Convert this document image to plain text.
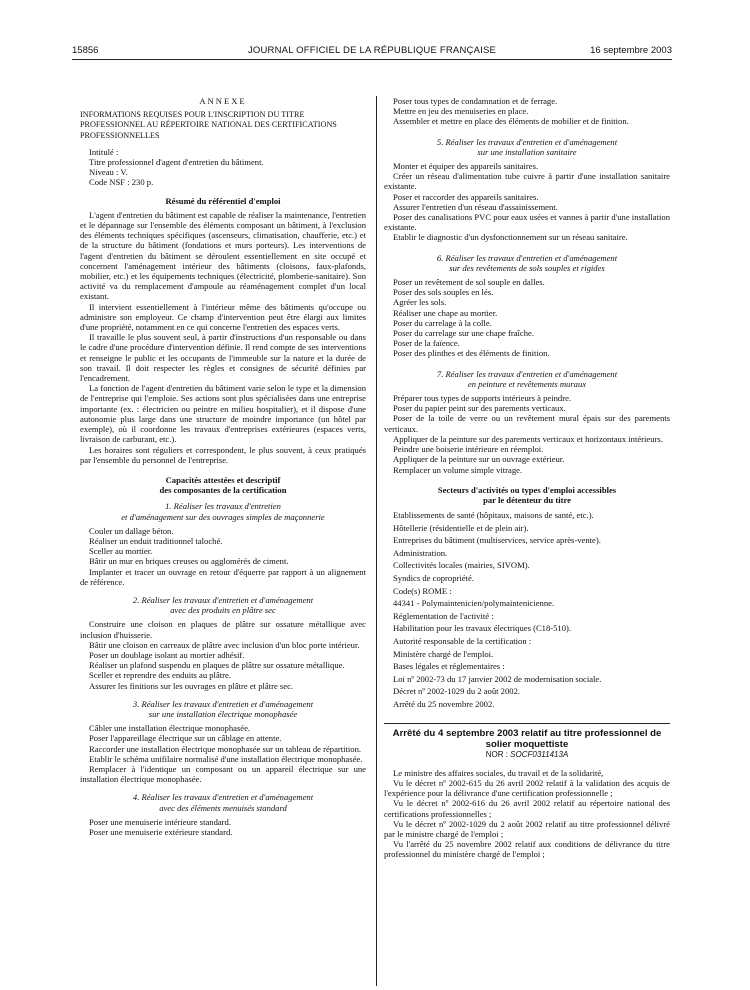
15856	JOURNAL OFFICIEL DE LA RÉPUBLIQUE FRANÇAISE	16 septembre 2003

ANNEXE

INFORMATIONS REQUISES POUR L'INSCRIPTION DU TITRE PROFESSIONNEL AU RÉPERTOIRE NATIONAL DES CERTIFICATIONS PROFESSIONNELLES

Intitulé :

Titre professionnel d'agent d'entretien du bâtiment.

Niveau : V.

Code NSF : 230 p.

Résumé du référentiel d'emploi

L'agent d'entretien du bâtiment est capable de réaliser la maintenance, l'entretien et le dépannage sur l'ensemble des éléments composant un bâtiment, à l'exclusion des éléments techniques spécifiques (ascenseurs, climatisation, chaufferie, etc.) et de la structure du bâtiment (fondations et murs porteurs). Les interventions de l'agent d'entretien du bâtiment se déroulent essentiellement en site occupé et concernent l'aménagement intérieur des bâtiments (cloisons, faux-plafonds, mobilier, etc.) et les équipements techniques (électricité, plomberie-sanitaire). Son activité va du remplacement d'ampoule au réaménagement complet d'un local existant.

Il intervient essentiellement à l'intérieur même des bâtiments qu'occupe ou administre son employeur. Ce champ d'intervention peut être élargi aux limites d'une propriété, notamment en ce qui concerne l'entretien des espaces verts.

Il travaille le plus souvent seul, à partir d'instructions d'un responsable ou dans le cadre d'une procédure d'intervention définie. Il rend compte de ses interventions et renseigne le public et les occupants de l'immeuble sur la nature et la durée de son travail. Il doit respecter les règles et consignes de sécurité définies par l'encadrement.

La fonction de l'agent d'entretien du bâtiment varie selon le type et la dimension de l'entreprise qui l'emploie. Ses actions sont plus spécialisées dans une entreprise importante (ex. : électricien ou peintre en milieu hospitalier), et il dispose d'une autonomie plus large dans une structure de moindre importance (un hôtel par exemple), où il coordonne les travaux d'entreprises extérieures (espaces verts, livraison de carburant, etc.).

Les horaires sont réguliers et correspondent, le plus souvent, à ceux pratiqués par l'ensemble du personnel de l'entreprise.

Capacités attestées et descriptif

des composantes de la certification

1. Réaliser les travaux d'entretien

et d'aménagement sur des ouvrages simples de maçonnerie

Couler un dallage béton.

Réaliser un enduit traditionnel taloché.

Sceller au mortier.

Bâtir un mur en briques creuses ou agglomérés de ciment.

Implanter et tracer un ouvrage en retour d'équerre par rapport à un alignement de référence.

2. Réaliser les travaux d'entretien et d'aménagement

avec des produits en plâtre sec

Construire une cloison en plaques de plâtre sur ossature métallique avec inclusion d'huisserie.

Bâtir une cloison en carreaux de plâtre avec inclusion d'un bloc porte intérieur.

Poser un doublage isolant au mortier adhésif.

Réaliser un plafond suspendu en plaques de plâtre sur ossature métallique.

Sceller et reprendre des enduits au plâtre.

Assurer les finitions sur les ouvrages en plâtre et plâtre sec.

3. Réaliser les travaux d'entretien et d'aménagement

sur une installation électrique monophasée

Câbler une installation électrique monophasée.

Poser l'appareillage électrique sur un câblage en attente.

Raccorder une installation électrique monophasée sur un tableau de répartition.

Etablir le schéma unifilaire normalisé d'une installation électrique monophasée.

Remplacer à l'identique un composant ou un appareil électrique sur une installation électrique monophasée.

4. Réaliser les travaux d'entretien et d'aménagement

avec des éléments menuisés standard

Poser une menuiserie intérieure standard.

Poser une menuiserie extérieure standard.

Poser tous types de condamnation et de ferrage.

Mettre en jeu des menuiseries en place.

Assembler et mettre en place des éléments de mobilier et de finition.

5. Réaliser les travaux d'entretien et d'aménagement

sur une installation sanitaire

Monter et équiper des appareils sanitaires.

Créer un réseau d'alimentation tube cuivre à partir d'une installation sanitaire existante.

Poser et raccorder des appareils sanitaires.

Assurer l'entretien d'un réseau d'assainissement.

Poser des canalisations PVC pour eaux usées et vannes à partir d'une installation existante.

Etablir le diagnostic d'un dysfonctionnement sur un réseau sanitaire.

6. Réaliser les travaux d'entretien et d'aménagement

sur des revêtements de sols souples et rigides

Poser un revêtement de sol souple en dalles.

Poser des sols souples en lés.

Agréer les sols.

Réaliser une chape au mortier.

Poser du carrelage à la colle.

Poser du carrelage sur une chape fraîche.

Poser de la faïence.

Poser des plinthes et des éléments de finition.

7. Réaliser les travaux d'entretien et d'aménagement

en peinture et revêtements muraux

Préparer tous types de supports intérieurs à peindre.

Poser du papier peint sur des parements verticaux.

Poser de la toile de verre ou un revêtement mural épais sur des parements verticaux.

Appliquer de la peinture sur des parements verticaux et horizontaux intérieurs.

Peindre une boiserie intérieure en réemploi.

Appliquer de la peinture sur un ouvrage extérieur.

Remplacer un volume simple vitrage.

Secteurs d'activités ou types d'emploi accessibles

par le détenteur du titre

Etablissements de santé (hôpitaux, maisons de santé, etc.).

Hôtellerie (résidentielle et de plein air).

Entreprises du bâtiment (multiservices, service après-vente).

Administration.

Collectivités locales (mairies, SIVOM).

Syndics de copropriété.

Code(s) ROME :

44341 - Polymaintenicien/polymaintenicienne.

Réglementation de l'activité :

Habilitation pour les travaux électriques (C18-510).

Autorité responsable de la certification :

Ministère chargé de l'emploi.

Bases légales et réglementaires :

Loi nº 2002-73 du 17 janvier 2002 de modernisation sociale.

Décret nº 2002-1029 du 2 août 2002.

Arrêté du 25 novembre 2002.

Arrêté du 4 septembre 2003 relatif au titre professionnel de solier moquettiste

NOR : SOCF0311413A

Le ministre des affaires sociales, du travail et de la solidarité,

Vu le décret nº 2002-615 du 26 avril 2002 relatif à la validation des acquis de l'expérience pour la délivrance d'une certification professionnelle ;

Vu le décret nº 2002-616 du 26 avril 2002 relatif au répertoire national des certifications professionnelles ;

Vu le décret nº 2002-1029 du 2 août 2002 relatif au titre professionnel délivré par le ministre chargé de l'emploi ;

Vu l'arrêté du 25 novembre 2002 relatif aux conditions de délivrance du titre professionnel du ministère chargé de l'emploi ;
